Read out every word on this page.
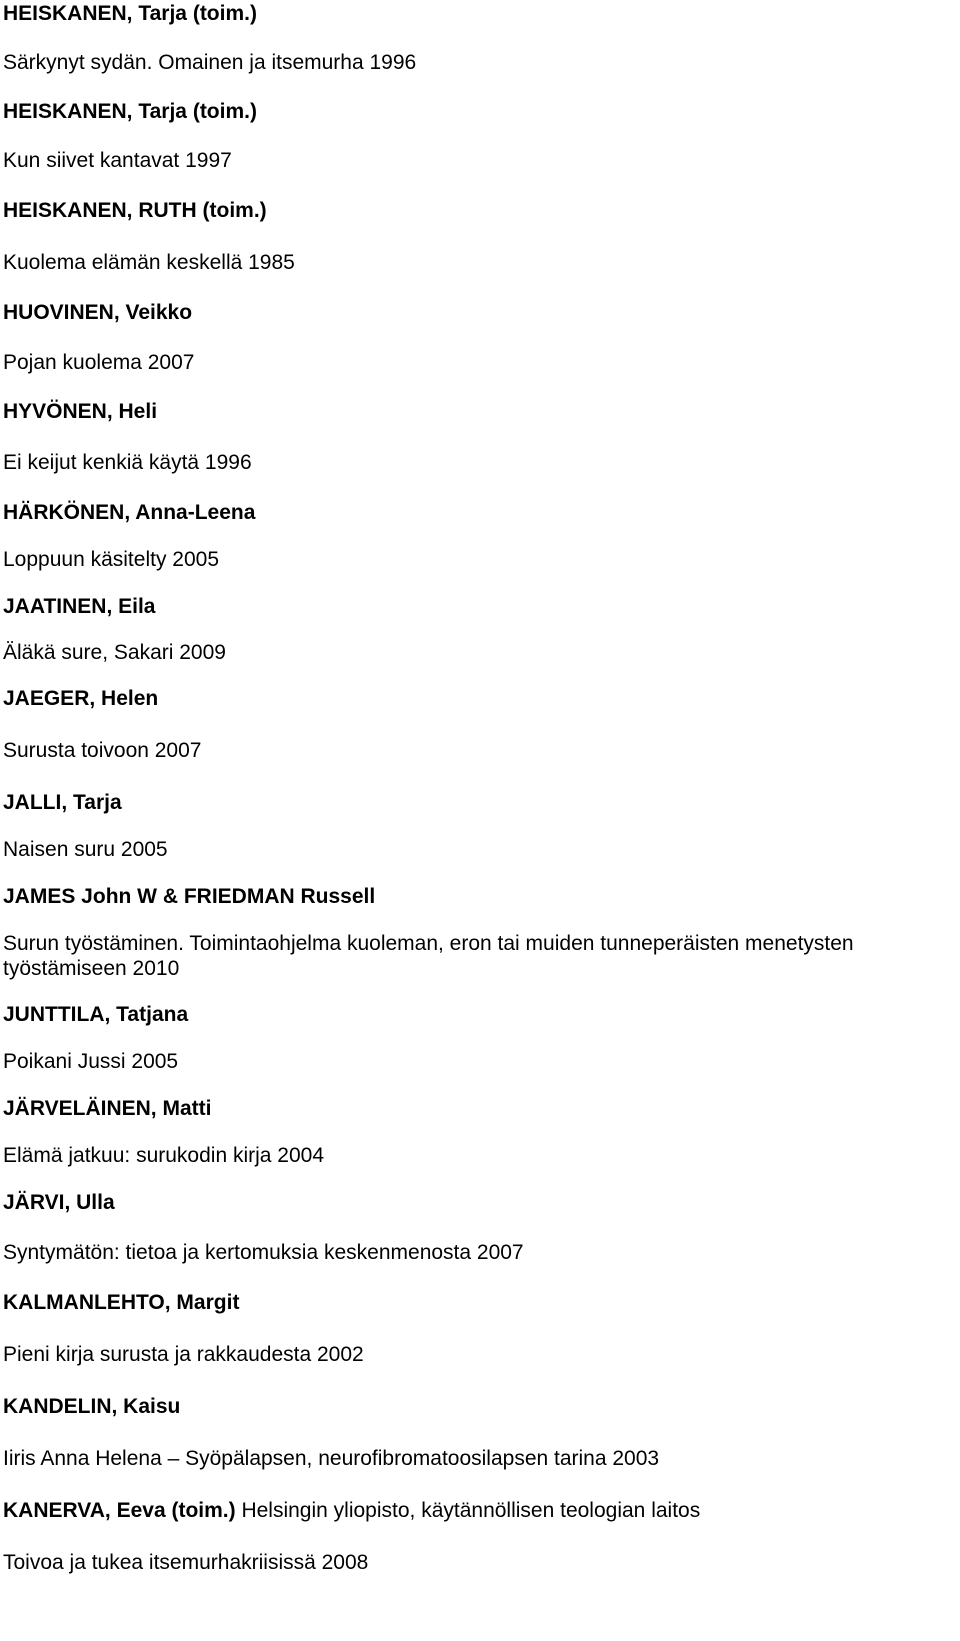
HEISKANEN, Tarja (toim.)
Särkynyt sydän. Omainen ja itsemurha 1996
HEISKANEN, Tarja (toim.)
Kun siivet kantavat 1997
HEISKANEN, RUTH (toim.)
Kuolema elämän keskellä 1985
HUOVINEN, Veikko
Pojan kuolema 2007
HYVÖNEN, Heli
Ei keijut kenkiä käytä 1996
HÄRKÖNEN, Anna-Leena
Loppuun käsitelty 2005
JAATINEN, Eila
Äläkä sure, Sakari 2009
JAEGER, Helen
Surusta toivoon 2007
JALLI, Tarja
Naisen suru 2005
JAMES John W & FRIEDMAN Russell
Surun työstäminen. Toimintaohjelma kuoleman, eron tai muiden tunneperäisten menetysten työstämiseen 2010
JUNTTILA, Tatjana
Poikani Jussi 2005
JÄRVELÄINEN, Matti
Elämä jatkuu: surukodin kirja 2004
JÄRVI, Ulla
Syntymätön: tietoa ja kertomuksia keskenmenosta 2007
KALMANLEHTO, Margit
Pieni kirja surusta ja rakkaudesta 2002
KANDELIN, Kaisu
Iiris Anna Helena – Syöpälapsen, neurofibromatoosilapsen tarina 2003
KANERVA, Eeva (toim.) Helsingin yliopisto, käytännöllisen teologian laitos
Toivoa ja tukea itsemurhakriisissä 2008
